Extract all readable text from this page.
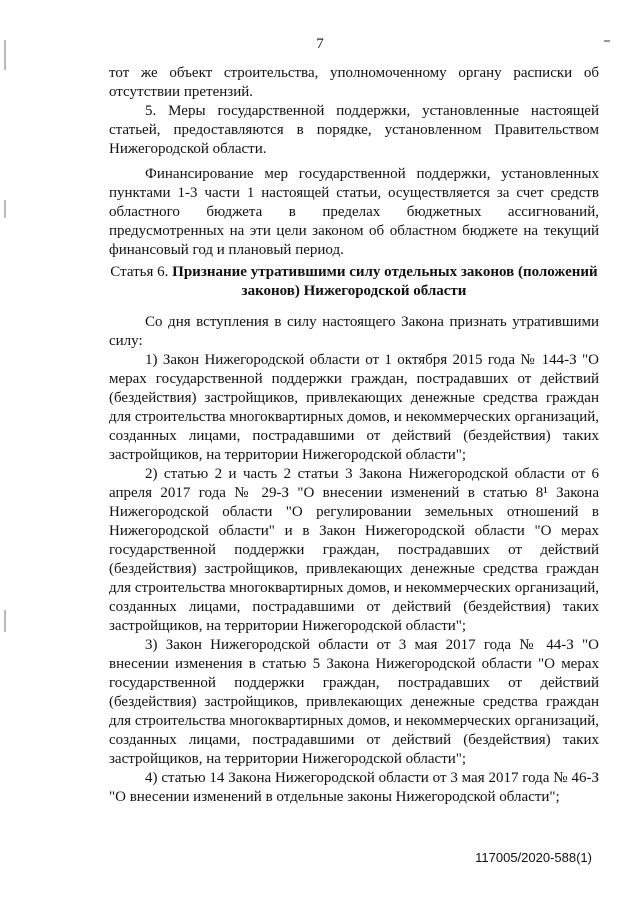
7

тот же объект строительства, уполномоченному органу расписки об отсутствии претензий.

5. Меры государственной поддержки, установленные настоящей статьей, предоставляются в порядке, установленном Правительством Нижегородской области.

Финансирование мер государственной поддержки, установленных пунктами 1-3 части 1 настоящей статьи, осуществляется за счет средств областного бюджета в пределах бюджетных ассигнований, предусмотренных на эти цели законом об областном бюджете на текущий финансовый год и плановый период.

Статья 6. Признание утратившими силу отдельных законов (положений законов) Нижегородской области

Со дня вступления в силу настоящего Закона признать утратившими силу:

1) Закон Нижегородской области от 1 октября 2015 года № 144-З "О мерах государственной поддержки граждан, пострадавших от действий (бездействия) застройщиков, привлекающих денежные средства граждан для строительства многоквартирных домов, и некоммерческих организаций, созданных лицами, пострадавшими от действий (бездействия) таких застройщиков, на территории Нижегородской области";

2) статью 2 и часть 2 статьи 3 Закона Нижегородской области от 6 апреля 2017 года № 29-З "О внесении изменений в статью 8¹ Закона Нижегородской области "О регулировании земельных отношений в Нижегородской области" и в Закон Нижегородской области "О мерах государственной поддержки граждан, пострадавших от действий (бездействия) застройщиков, привлекающих денежные средства граждан для строительства многоквартирных домов, и некоммерческих организаций, созданных лицами, пострадавшими от действий (бездействия) таких застройщиков, на территории Нижегородской области";

3) Закон Нижегородской области от 3 мая 2017 года № 44-З "О внесении изменения в статью 5 Закона Нижегородской области "О мерах государственной поддержки граждан, пострадавших от действий (бездействия) застройщиков, привлекающих денежные средства граждан для строительства многоквартирных домов, и некоммерческих организаций, созданных лицами, пострадавшими от действий (бездействия) таких застройщиков, на территории Нижегородской области";

4) статью 14 Закона Нижегородской области от 3 мая 2017 года № 46-З "О внесении изменений в отдельные законы Нижегородской области";

117005/2020-588(1)
